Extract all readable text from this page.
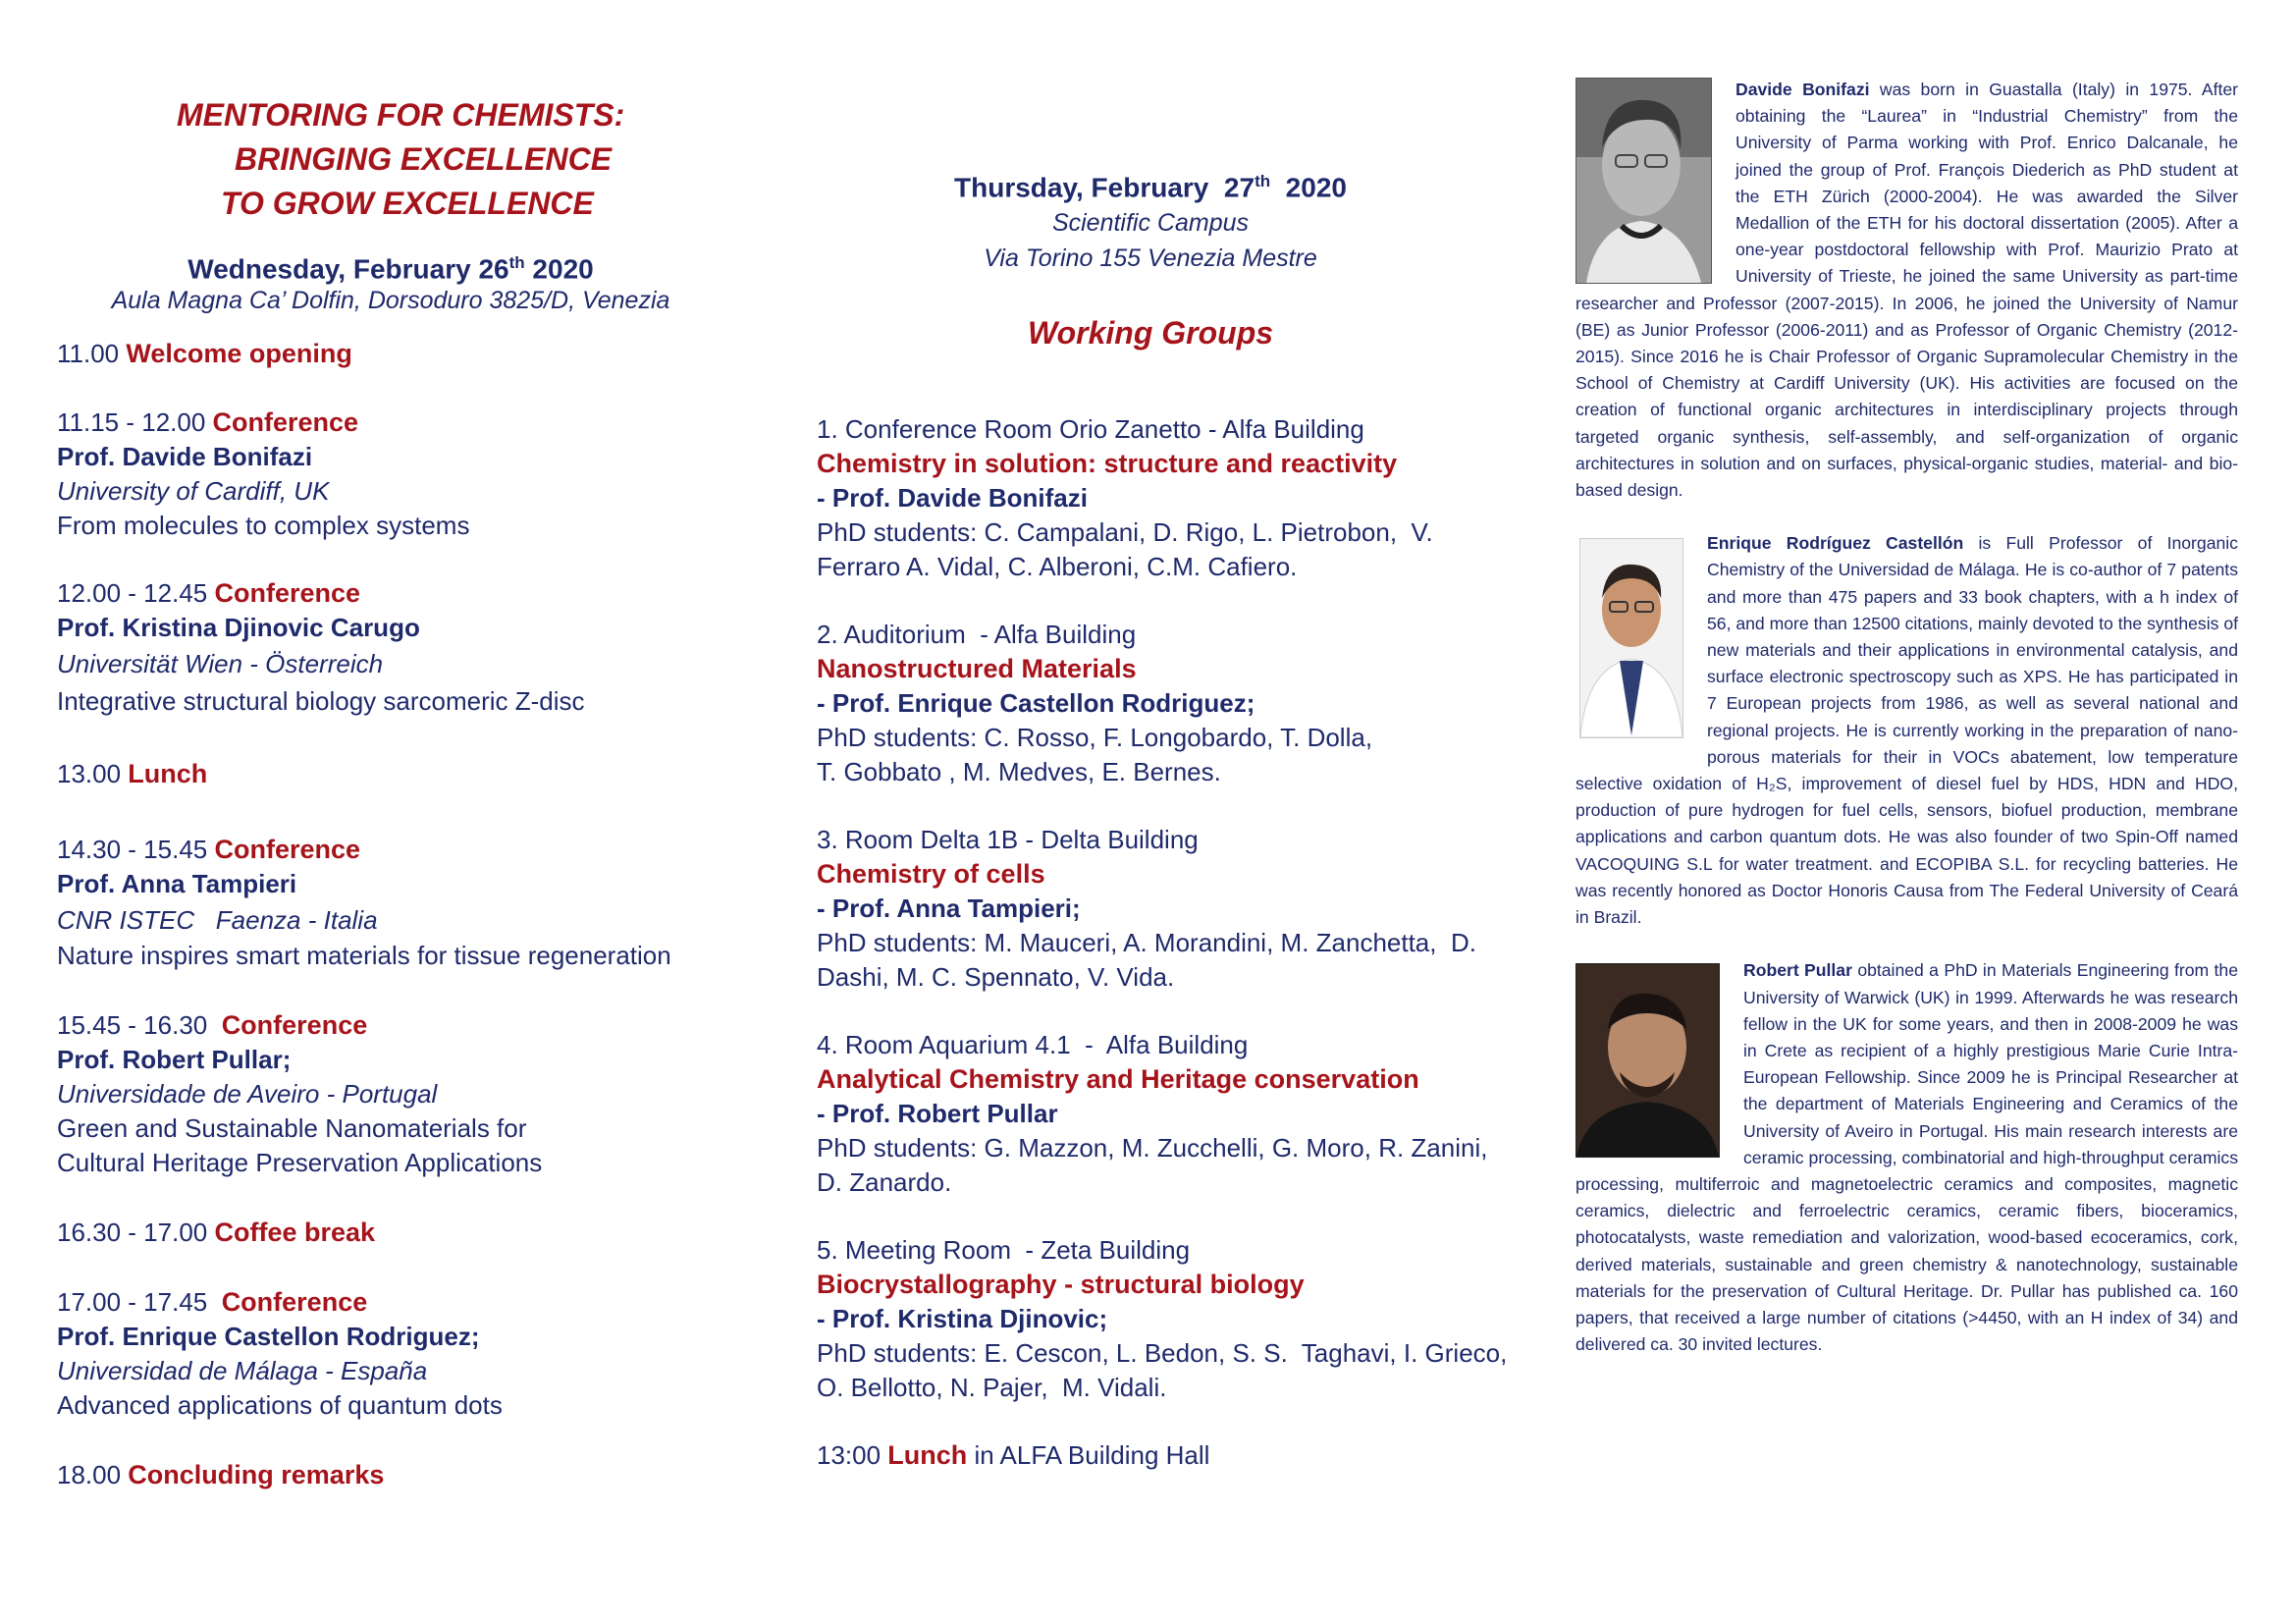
MENTORING FOR CHEMISTS:
BRINGING EXCELLENCE
TO GROW EXCELLENCE
Wednesday, February 26th 2020
Aula Magna Ca’ Dolfin, Dorsoduro 3825/D, Venezia
11.00 Welcome opening
11.15 - 12.00 Conference
Prof. Davide Bonifazi
University of Cardiff, UK
From molecules to complex systems
12.00 - 12.45 Conference
Prof. Kristina Djinovic Carugo
Universität Wien - Österreich
Integrative structural biology sarcomeric Z-disc
13.00 Lunch
14.30 - 15.45 Conference
Prof. Anna Tampieri
CNR ISTEC   Faenza - Italia
Nature inspires smart materials for tissue regeneration
15.45 - 16.30  Conference
Prof. Robert Pullar;
Universidade de Aveiro - Portugal
Green and Sustainable Nanomaterials for
Cultural Heritage Preservation Applications
16.30 - 17.00 Coffee break
17.00 - 17.45  Conference
Prof. Enrique Castellon Rodriguez;
Universidad de Málaga - España
Advanced applications of quantum dots
18.00 Concluding remarks
Thursday, February  27th  2020
Scientific Campus
Via Torino 155 Venezia Mestre
Working Groups
1. Conference Room Orio Zanetto - Alfa Building
Chemistry in solution: structure and reactivity
- Prof. Davide Bonifazi
PhD students: C. Campalani, D. Rigo, L. Pietrobon,  V.
Ferraro A. Vidal, C. Alberoni, C.M. Cafiero.
2. Auditorium  - Alfa Building
Nanostructured Materials
- Prof. Enrique Castellon Rodriguez;
PhD students: C. Rosso, F. Longobardo, T. Dolla,
T. Gobbato , M. Medves, E. Bernes.
3. Room Delta 1B - Delta Building
Chemistry of cells
- Prof. Anna Tampieri;
PhD students: M. Mauceri, A. Morandini, M. Zanchetta,  D.
Dashi, M. C. Spennato, V. Vida.
4. Room Aquarium 4.1  -  Alfa Building
Analytical Chemistry and Heritage conservation
- Prof. Robert Pullar
PhD students: G. Mazzon, M. Zucchelli, G. Moro, R. Zanini,
D. Zanardo.
5. Meeting Room  - Zeta Building
Biocrystallography - structural biology
- Prof. Kristina Djinovic;
PhD students: E. Cescon, L. Bedon, S. S.  Taghavi, I. Grieco,
O. Bellotto, N. Pajer,  M. Vidali.
13:00 Lunch in ALFA Building Hall
Davide Bonifazi was born in Guastalla (Italy) in 1975. After obtaining the “Laurea” in “Industrial Chemistry” from the University of Parma working with Prof. Enrico Dalcanale, he joined the group of Prof. François Diederich as PhD student at the ETH Zürich (2000-2004). He was awarded the Silver Medallion of the ETH for his doctoral dissertation (2005). After a one-year postdoctoral fellowship with Prof. Maurizio Prato at University of Trieste, he joined the same University as part-time researcher and Professor (2007-2015). In 2006, he joined the University of Namur (BE) as Junior Professor (2006-2011) and as Professor of Organic Chemistry (2012-2015). Since 2016 he is Chair Professor of Organic Supramolecular Chemistry in the School of Chemistry at Cardiff University (UK). His activities are focused on the creation of functional organic architectures in interdisciplinary projects through targeted organic synthesis, self-assembly, and self-organization of organic architectures in solution and on surfaces, physical-organic studies, material- and bio-based design.
Enrique Rodríguez Castellón is Full Professor of Inorganic Chemistry of the Universidad de Málaga. He is co-author of 7 patents and more than 475 papers and 33 book chapters, with a h index of 56, and more than 12500 citations, mainly devoted to the synthesis of new materials and their applications in environmental catalysis, and surface electronic spectroscopy such as XPS. He has participated in 7 European projects from 1986, as well as several national and regional projects. He is currently working in the preparation of nano-porous materials for their in VOCs abatement, low temperature selective oxidation of H₂S, improvement of diesel fuel by HDS, HDN and HDO, production of pure hydrogen for fuel cells, sensors, biofuel production, membrane applications and carbon quantum dots. He was also founder of two Spin-Off named VACOQUING S.L for water treatment. and ECOPIBA S.L. for recycling batteries. He was recently honored as Doctor Honoris Causa from The Federal University of Ceará in Brazil.
Robert Pullar obtained a PhD in Materials Engineering from the University of Warwick (UK) in 1999. Afterwards he was research fellow in the UK for some years, and then in 2008-2009 he was in Crete as recipient of a highly prestigious Marie Curie Intra-European Fellowship. Since 2009 he is Principal Researcher at the department of Materials Engineering and Ceramics of the University of Aveiro in Portugal. His main research interests are ceramic processing, combinatorial and high-throughput ceramics processing, multiferroic and magnetoelectric ceramics and composites, magnetic ceramics, dielectric and ferroelectric ceramics, ceramic fibers, bioceramics, photocatalysts, waste remediation and valorization, wood-based ecoceramics, cork, derived materials, sustainable and green chemistry & nanotechnology, sustainable materials for the preservation of Cultural Heritage. Dr. Pullar has published ca. 160 papers, that received a large number of citations (>4450, with an H index of 34) and delivered ca. 30 invited lectures.
